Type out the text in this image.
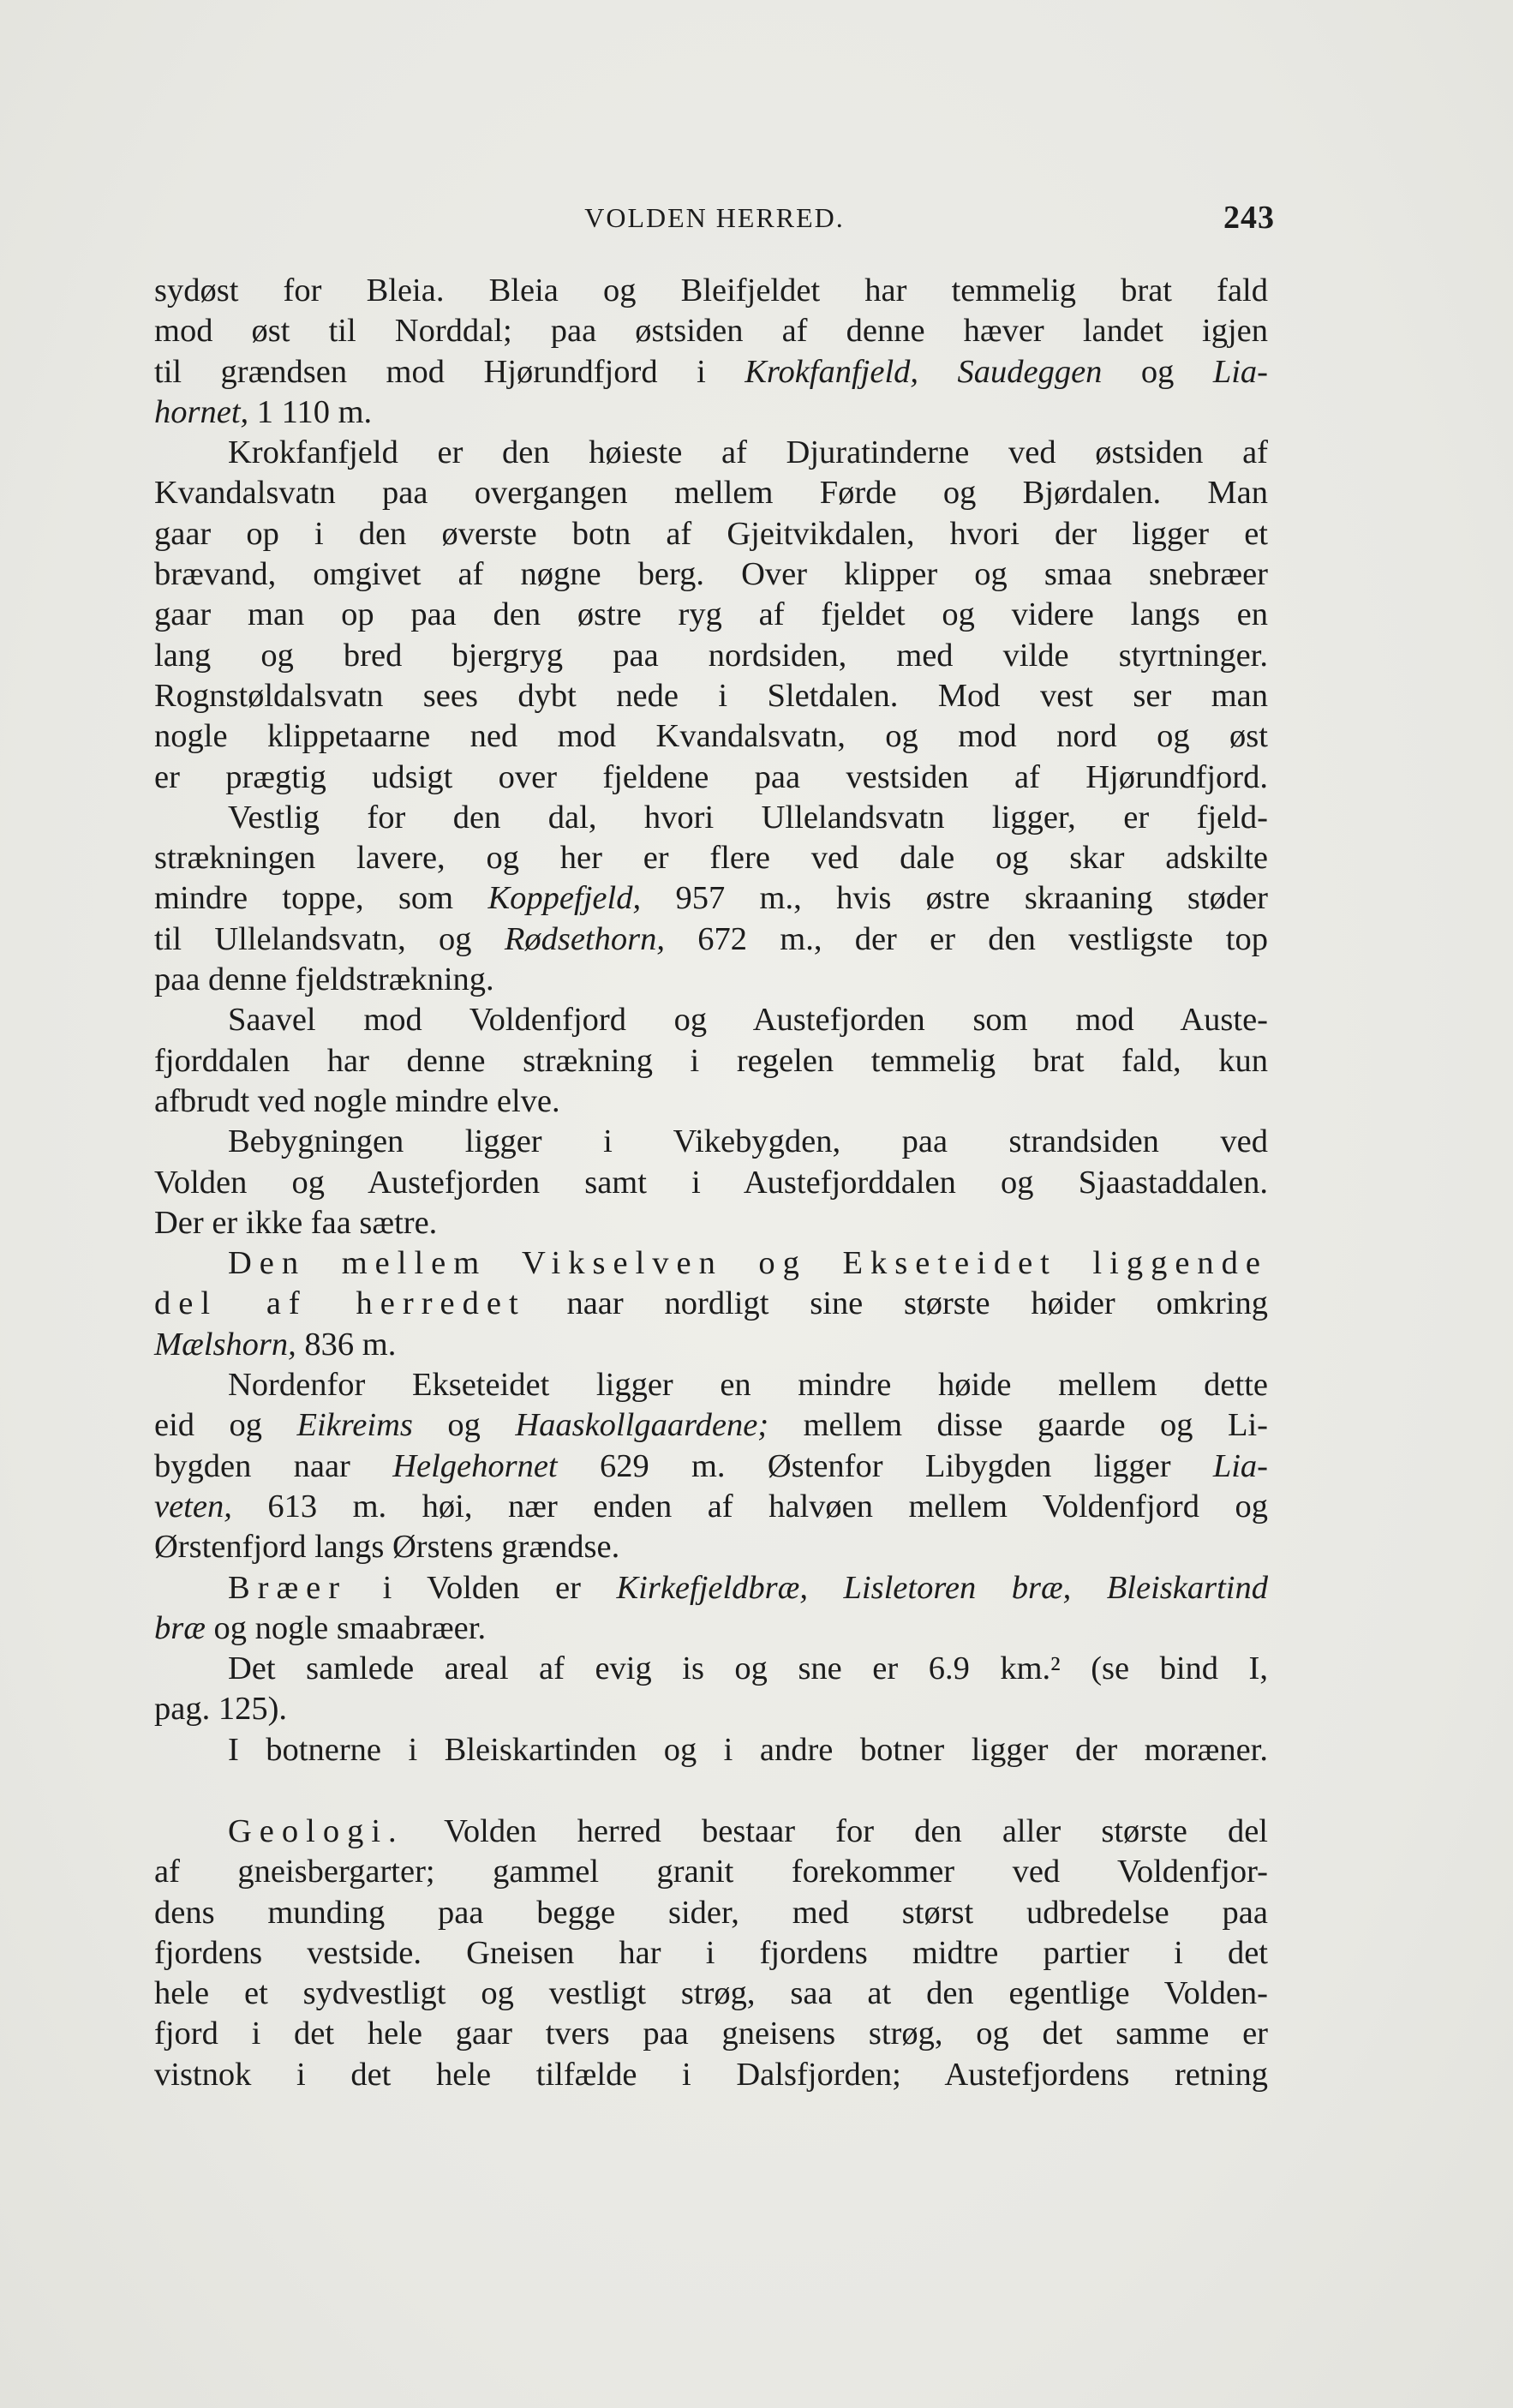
VOLDEN HERRED.	243
sydøst for Bleia. Bleia og Bleifjeldet har temmelig brat fald
mod øst til Norddal; paa østsiden af denne hæver landet igjen
til grændsen mod Hjørundfjord i Krokfanfjeld, Saudeggen og Lia-
hornet, 1 110 m.
Krokfanfjeld er den høieste af Djuratinderne ved østsiden af
Kvandalsvatn paa overgangen mellem Førde og Bjørdalen. Man
gaar op i den øverste botn af Gjeitvikdalen, hvori der ligger et
brævand, omgivet af nøgne berg. Over klipper og smaa snebræer
gaar man op paa den østre ryg af fjeldet og videre langs en
lang og bred bjergryg paa nordsiden, med vilde styrtninger.
Rognstøldalsvatn sees dybt nede i Sletdalen. Mod vest ser man
nogle klippetaarne ned mod Kvandalsvatn, og mod nord og øst
er prægtig udsigt over fjeldene paa vestsiden af Hjørundfjord.
Vestlig for den dal, hvori Ullelandsvatn ligger, er fjeld-
strækningen lavere, og her er flere ved dale og skar adskilte
mindre toppe, som Koppefjeld, 957 m., hvis østre skraaning støder
til Ullelandsvatn, og Rødsethorn, 672 m., der er den vestligste top
paa denne fjeldstrækning.
Saavel mod Voldenfjord og Austefjorden som mod Auste-
fjorddalen har denne strækning i regelen temmelig brat fald, kun
afbrudt ved nogle mindre elve.
Bebygningen ligger i Vikebygden, paa strandsiden ved
Volden og Austefjorden samt i Austefjorddalen og Sjaastaddalen.
Der er ikke faa sætre.
Den mellem Vikselven og Ekseteidet liggende
del af herredet naar nordligt sine største høider omkring
Mælshorn, 836 m.
Nordenfor Ekseteidet ligger en mindre høide mellem dette
eid og Eikreims og Haaskollgaardene; mellem disse gaarde og Li-
bygden naar Helgehornet 629 m. Østenfor Libygden ligger Lia-
veten, 613 m. høi, nær enden af halvøen mellem Voldenfjord og
Ørstenfjord langs Ørstens grændse.
Bræer i Volden er Kirkefjeldbræ, Lisletoren bræ, Bleiskartind
bræ og nogle smaabræer.
Det samlede areal af evig is og sne er 6.9 km.² (se bind I,
pag. 125).
I botnerne i Bleiskartinden og i andre botner ligger der moræner.
Geologi. Volden herred bestaar for den aller største del
af gneisbergarter; gammel granit forekommer ved Voldenfjor-
dens munding paa begge sider, med størst udbredelse paa
fjordens vestside. Gneisen har i fjordens midtre partier i det
hele et sydvestligt og vestligt strøg, saa at den egentlige Volden-
fjord i det hele gaar tvers paa gneisens strøg, og det samme er
vistnok i det hele tilfælde i Dalsfjorden; Austefjordens retning
